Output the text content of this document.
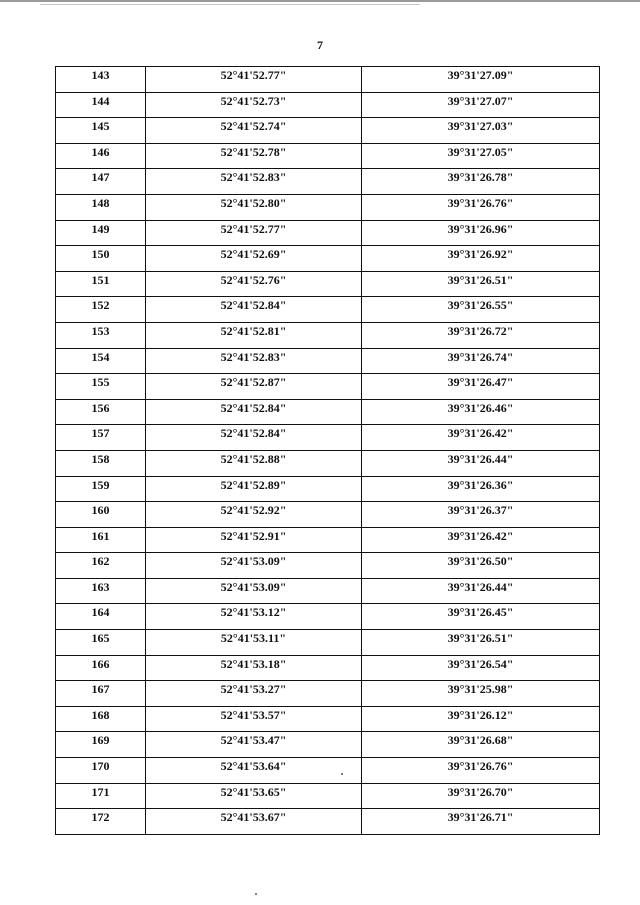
7
143	52°41'52.77"	39°31'27.09"
144	52°41'52.73"	39°31'27.07"
145	52°41'52.74"	39°31'27.03"
146	52°41'52.78"	39°31'27.05"
147	52°41'52.83"	39°31'26.78"
148	52°41'52.80"	39°31'26.76"
149	52°41'52.77"	39°31'26.96"
150	52°41'52.69"	39°31'26.92"
151	52°41'52.76"	39°31'26.51"
152	52°41'52.84"	39°31'26.55"
153	52°41'52.81"	39°31'26.72"
154	52°41'52.83"	39°31'26.74"
155	52°41'52.87"	39°31'26.47"
156	52°41'52.84"	39°31'26.46"
157	52°41'52.84"	39°31'26.42"
158	52°41'52.88"	39°31'26.44"
159	52°41'52.89"	39°31'26.36"
160	52°41'52.92"	39°31'26.37"
161	52°41'52.91"	39°31'26.42"
162	52°41'53.09"	39°31'26.50"
163	52°41'53.09"	39°31'26.44"
164	52°41'53.12"	39°31'26.45"
165	52°41'53.11"	39°31'26.51"
166	52°41'53.18"	39°31'26.54"
167	52°41'53.27"	39°31'25.98"
168	52°41'53.57"	39°31'26.12"
169	52°41'53.47"	39°31'26.68"
170	52°41'53.64"	39°31'26.76"
171	52°41'53.65"	39°31'26.70"
172	52°41'53.67"	39°31'26.71"
